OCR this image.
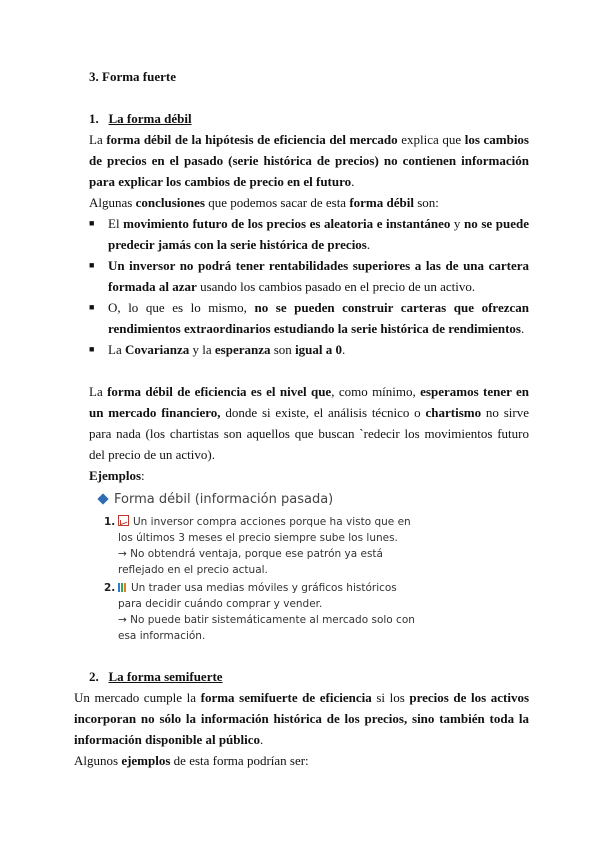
3. Forma fuerte
1. La forma débil
La forma débil de la hipótesis de eficiencia del mercado explica que los cambios de precios en el pasado (serie histórica de precios) no contienen información para explicar los cambios de precio en el futuro.
Algunas conclusiones que podemos sacar de esta forma débil son:
■ El movimiento futuro de los precios es aleatoria e instantáneo y no se puede predecir jamás con la serie histórica de precios.
■ Un inversor no podrá tener rentabilidades superiores a las de una cartera formada al azar usando los cambios pasado en el precio de un activo.
■ O, lo que es lo mismo, no se pueden construir carteras que ofrezcan rendimientos extraordinarios estudiando la serie histórica de rendimientos.
■ La Covarianza y la esperanza son igual a 0.
La forma débil de eficiencia es el nivel que, como mínimo, esperamos tener en un mercado financiero, donde si existe, el análisis técnico o chartismo no sirve para nada (los chartistas son aquellos que buscan `redecir los movimientos futuro del precio de un activo).
Ejemplos:
Forma débil (información pasada)
1.	Un inversor compra acciones porque ha visto que en los últimos 3 meses el precio siempre sube los lunes.
→ No obtendrá ventaja, porque ese patrón ya está reflejado en el precio actual.
2.	Un trader usa medias móviles y gráficos históricos para decidir cuándo comprar y vender.
→ No puede batir sistemáticamente al mercado solo con esa información.
2. La forma semifuerte
Un mercado cumple la forma semifuerte de eficiencia si los precios de los activos incorporan no sólo la información histórica de los precios, sino también toda la información disponible al público.
Algunos ejemplos de esta forma podrían ser:
